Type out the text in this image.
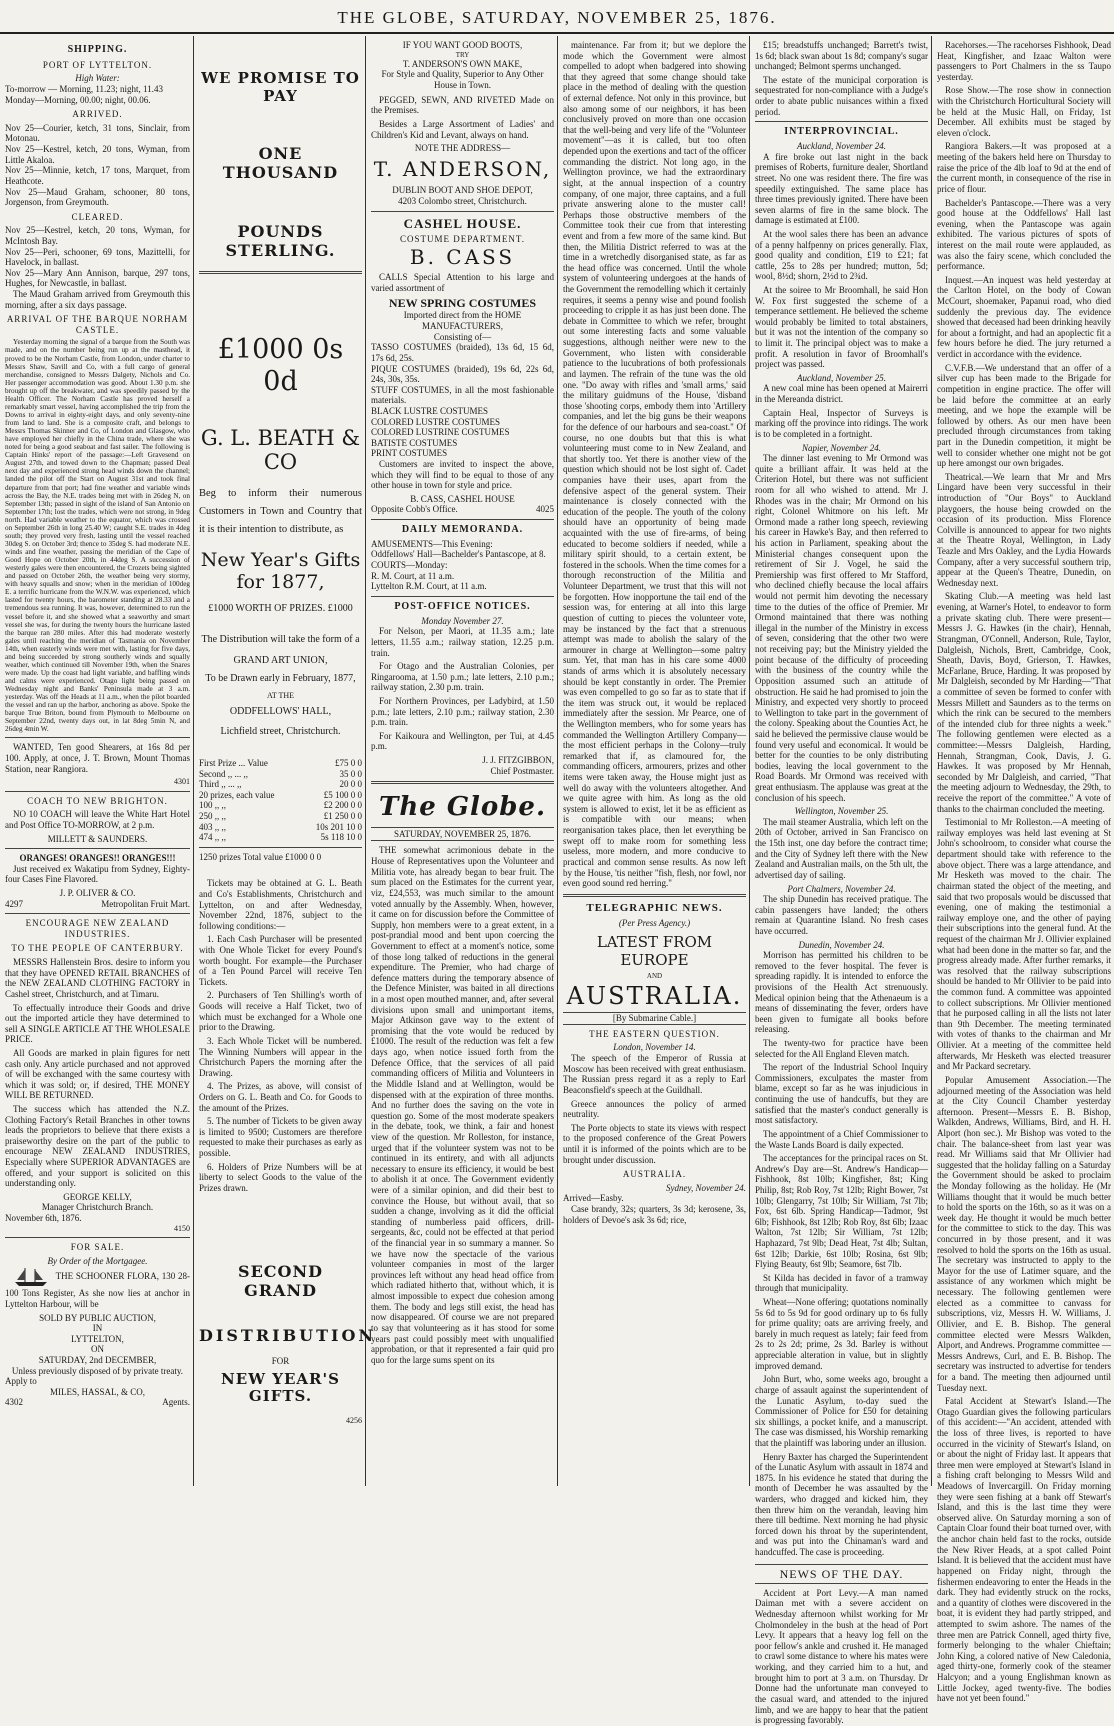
THE GLOBE, SATURDAY, NOVEMBER 25, 1876.
SHIPPING.
PORT OF LYTTELTON.
High Water:
To-morrow — Morning, 11.23; night, 11.43
Monday—Morning, 00.00; night, 00.06.
ARRIVED.
Nov 25—Courier, ketch, 31 tons, Sinclair, from Motonau.
Nov 25—Kestrel, ketch, 20 tons, Wyman, from Little Akaloa.
Nov 25—Minnie, ketch, 17 tons, Marquet, from Heathcote.
Nov 25—Maud Graham, schooner, 80 tons, Jorgenson, from Greymouth.
CLEARED.
Nov 25—Kestrel, ketch, 20 tons, Wyman, for McIntosh Bay.
Nov 25—Peri, schooner, 69 tons, Mazittelli, for Havelock, in ballast.
Nov 25—Mary Ann Annison, barque, 297 tons, Hughes, for Newcastle, in ballast.
The Maud Graham arrived from Greymouth this morning, after a six days passage.
ARRIVAL OF THE BARQUE NORHAM CASTLE.
Yesterday morning the signal of a barque from the South was made, and on the number being run up at the masthead, it proved to be the Norham Castle, from London, under charter to Messrs Shaw, Savill and Co, with a full cargo of general merchandise, consigned to Messrs Dalgety, Nichols and Co. Her passenger accommodation was good. About 1.30 p.m. she brought up off the breakwater, and was speedily passed by the Health Officer. The Norham Castle has proved herself a remarkably smart vessel, having accomplished the trip from the Downs to arrival in eighty-eight days, and only seventy-nine from land to land. She is a composite craft, and belongs to Messrs Thomas Skinner and Co, of London and Glasgow, who have employed her chiefly in the China trade, where she was noted for being a good seaboat and fast sailer. The following is Captain Hinks' report of the passage:—Left Gravesend on August 27th, and towed down to the Chapman; passed Deal next day and experienced strong head winds down the channel; landed the pilot off the Start on August 31st and took final departure from that port; had fine weather and variable winds across the Bay, the N.E. trades being met with in 26deg N, on September 13th; passed in sight of the island of San Antonio on September 17th; lost the trades, which were not strong, in 9deg north. Had variable weather to the equator, which was crossed on September 26th in long 25.40 W; caught S.E. trades in 4deg south; they proved very fresh, lasting until the vessel reached 30deg S. on October 3rd; thence to 35deg S. had moderate N.E. winds and fine weather, passing the meridian of the Cape of Good Hope on October 20th, in 44deg S. A succession of westerly gales were then encountered, the Crozets being sighted and passed on October 26th, the weather being very stormy, with heavy squalls and snow; when in the meridian of 100deg E. a terrific hurricane from the W.N.W. was experienced, which lasted for twenty hours, the barometer standing at 28.33 and a tremendous sea running. It was, however, determined to run the vessel before it, and she showed what a seaworthy and smart vessel she was, for during the twenty hours the hurricane lasted the barque ran 280 miles. After this had moderate westerly gales until reaching the meridian of Tasmania on November 14th, when easterly winds were met with, lasting for five days, and being succeeded by strong southerly winds and squally weather, which continued till November 19th, when the Snares were made. Up the coast had light variable, and baffling winds and calms were experienced. Otago light being passed on Wednesday night and Banks' Peninsula made at 3 a.m. yesterday. Was off the Heads at 11 a.m., when the pilot boarded the vessel and ran up the harbor, anchoring as above. Spoke the barque True Briton, bound from Plymouth to Melbourne on September 22nd, twenty days out, in lat 8deg 5min N, and 26deg 4min W.
WANTED, Ten good Shearers, at 16s 8d per 100. Apply, at once, J. T. Brown, Mount Thomas Station, near Rangiora.
4301
COACH TO NEW BRIGHTON.
NO 10 COACH will leave the White Hart Hotel and Post Office TO-MORROW, at 2 p.m.
MILLETT & SAUNDERS.
ORANGES! ORANGES!! ORANGES!!!
Just received ex Wakatipu from Sydney, Eighty-four Cases Fine Flavored.
J. P. OLIVER & CO.
4297	Metropolitan Fruit Mart.
ENCOURAGE NEW ZEALAND INDUSTRIES.
TO THE PEOPLE OF CANTERBURY.
MESSRS Hallenstein Bros. desire to inform you that they have OPENED RETAIL BRANCHES of the NEW ZEALAND CLOTHING FACTORY in Cashel street, Christchurch, and at Timaru.
To effectually introduce their Goods and drive out the imported article they have determined to sell A SINGLE ARTICLE AT THE WHOLESALE PRICE.
All Goods are marked in plain figures for nett cash only. Any article purchased and not approved of will be exchanged with the same courtesy with which it was sold; or, if desired, THE MONEY WILL BE RETURNED.
The success which has attended the N.Z. Clothing Factory's Retail Branches in other towns leads the proprietors to believe that there exists a praiseworthy desire on the part of the public to encourage NEW ZEALAND INDUSTRIES, Especially where SUPERIOR ADVANTAGES are offered, and your support is solicited on this understanding only.
GEORGE KELLY,
Manager Christchurch Branch.
November 6th, 1876.
4150
FOR SALE.
By Order of the Mortgagee.
THE SCHOONER FLORA, 130 28-100 Tons Register, As she now lies at anchor in Lyttelton Harbour, will be
SOLD BY PUBLIC AUCTION,
IN
LYTTELTON,
ON
SATURDAY, 2nd DECEMBER,
Unless previously disposed of by private treaty.
Apply to
MILES, HASSAL, & CO,
4302	Agents.
WE PROMISE TO PAY
ONE THOUSAND
POUNDS STERLING.
£1000 0s 0d
G. L. BEATH & CO
Beg to inform their numerous Customers in Town and Country that it is their intention to distribute, as
New Year's Gifts for 1877,
£1000 WORTH OF PRIZES. £1000
The Distribution will take the form of a
GRAND ART UNION,
To be Drawn early in February, 1877,
AT THE
ODDFELLOWS' HALL,
Lichfield street, Christchurch.
First Prize ... Value	£75 0 0
Second ,, ... ,,	35 0 0
Third ,, ... ,,	20 0 0
20 prizes, each value	£5 100 0 0
100 ,, ,,	£2 200 0 0
250 ,, ,,	£1 250 0 0
403 ,, ,,	10s 201 10 0
474 ,, ,,	5s 118 10 0
1250 prizes Total value £1000 0 0
Tickets may be obtained at G. L. Beath and Co's Establishments, Christchurch and Lyttelton, on and after Wednesday, November 22nd, 1876, subject to the following conditions:—
1. Each Cash Purchaser will be presented with One Whole Ticket for every Pound's worth bought. For example—the Purchaser of a Ten Pound Parcel will receive Ten Tickets.
2. Purchasers of Ten Shilling's worth of Goods will receive a Half Ticket, two of which must be exchanged for a Whole one prior to the Drawing.
3. Each Whole Ticket will be numbered. The Winning Numbers will appear in the Christchurch Papers the morning after the Drawing.
4. The Prizes, as above, will consist of Orders on G. L. Beath and Co. for Goods to the amount of the Prizes.
5. The number of Tickets to be given away is limited to 9500; Customers are therefore requested to make their purchases as early as possible.
6. Holders of Prize Numbers will be at liberty to select Goods to the value of the Prizes drawn.
SECOND GRAND
DISTRIBUTION
FOR
NEW YEAR'S GIFTS.
4256
IF YOU WANT GOOD BOOTS,
TRY
T. ANDERSON'S OWN MAKE,
For Style and Quality, Superior to Any Other House in Town.
PEGGED, SEWN, AND RIVETED Made on the Premises.
Besides a Large Assortment of Ladies' and Children's Kid and Levant, always on hand.
NOTE THE ADDRESS—
T. ANDERSON,
DUBLIN BOOT AND SHOE DEPOT,
4203 Colombo street, Christchurch.
CASHEL HOUSE.
COSTUME DEPARTMENT.
B. CASS
CALLS Special Attention to his large and varied assortment of
NEW SPRING COSTUMES
Imported direct from the HOME MANUFACTURERS,
Consisting of—
TASSO COSTUMES (braided), 13s 6d, 15 6d, 17s 6d, 25s.
PIQUE COSTUMES (braided), 19s 6d, 22s 6d, 24s, 30s, 35s.
STUFF COSTUMES, in all the most fashionable materials.
BLACK LUSTRE COSTUMES
COLORED LUSTRE COSTUMES
COLORED LUSTRINE COSTUMES
BATISTE COSTUMES
PRINT COSTUMES
Customers are invited to inspect the above, which they will find to be equal to those of any other house in town for style and price.
B. CASS, CASHEL HOUSE
Opposite Cobb's Office.	4025
DAILY MEMORANDA.
AMUSEMENTS—This Evening:
Oddfellows' Hall—Bachelder's Pantascope, at 8.
COURTS—Monday:
R. M. Court, at 11 a.m.
Lyttelton R.M. Court, at 11 a.m.
POST-OFFICE NOTICES.
Monday November 27.
For Nelson, per Maori, at 11.35 a.m.; late letters, 11.55 a.m.; railway station, 12.25 p.m. train.
For Otago and the Australian Colonies, per Ringarooma, at 1.50 p.m.; late letters, 2.10 p.m.; railway station, 2.30 p.m. train.
For Northern Provinces, per Ladybird, at 1.50 p.m.; late letters, 2.10 p.m.; railway station, 2.30 p.m. train.
For Kaikoura and Wellington, per Tui, at 4.45 p.m.
J. J. FITZGIBBON,
Chief Postmaster.
The Globe.
SATURDAY, NOVEMBER 25, 1876.
THE somewhat acrimonious debate in the House of Representatives upon the Volunteer and Militia vote, has already began to bear fruit. The sum placed on the Estimates for the current year, viz, £24,553, was much similar to the amount voted annually by the Assembly. When, however, it came on for discussion before the Committee of Supply, hon members were to a great extent, in a post-prandial mood and bent upon coercing the Government to effect at a moment's notice, some of those long talked of reductions in the general expenditure. The Premier, who had charge of defence matters during the temporary absence of the Defence Minister, was baited in all directions in a most open mouthed manner, and, after several divisions upon small and unimportant items, Major Atkinson gave way to the extent of promising that the vote would be reduced by £1000. The result of the reduction was felt a few days ago, when notice issued forth from the Defence Office, that the services of all paid commanding officers of Militia and Volunteers in the Middle Island and at Wellington, would be dispensed with at the expiration of three months. And no further does the saving on the vote in question go. Some of the most moderate speakers in the debate, took, we think, a fair and honest view of the question. Mr Rolleston, for instance, urged that if the volunteer system was not to be continued in its entirety, and with all adjuncts necessary to ensure its efficiency, it would be best to abolish it at once. The Government evidently were of a similar opinion, and did their best to convince the House, but without avail, that so sudden a change, involving as it did the official standing of numberless paid officers, drill-sergeants, &c, could not be effected at that period of the financial year in so summary a manner. So we have now the spectacle of the various volunteer companies in most of the larger provinces left without any head head office from which radiated hitherto that, without which, it is almost impossible to expect due cohesion among them. The body and legs still exist, the head has now disappeared. Of course we are not prepared to say that volunteering as it has stood for some years past could possibly meet with unqualified approbation, or that it represented a fair quid pro quo for the large sums spent on its
maintenance. Far from it; but we deplore the mode which the Government were almost compelled to adopt when badgered into showing that they agreed that some change should take place in the method of dealing with the question of external defence. Not only in this province, but also among some of our neighbors, it has been conclusively proved on more than one occasion that the well-being and very life of the "Volunteer movement"—as it is called, but too often depended upon the exertions and tact of the officer commanding the district. Not long ago, in the Wellington province, we had the extraordinary sight, at the annual inspection of a country company, of one major, three captains, and a full private answering alone to the muster call! Perhaps those obstructive members of the Committee took their cue from that interesting event and from a few more of the same kind. But then, the Militia District referred to was at the time in a wretchedly disorganised state, as far as the head office was concerned. Until the whole system of volunteering undergoes at the hands of the Government the remodelling which it certainly requires, it seems a penny wise and pound foolish proceeding to cripple it as has just been done. The debate in Committee to which we refer, brought out some interesting facts and some valuable suggestions, although neither were new to the Government, who listen with considerable patience to the lucubrations of both professionals and laymen. The refrain of the tune was the old one. "Do away with rifles and 'small arms,' said the military guidmuns of the House, 'disband those 'shooting corps, embody them into 'Artillery companies, and let the big guns be their weapons for the defence of our harbours and sea-coast." Of course, no one doubts but that this is what volunteering must come to in New Zealand, and that shortly too. Yet there is another view of the question which should not be lost sight of. Cadet companies have their uses, apart from the defensive aspect of the general system. Their maintenance is closely connected with the education of the people. The youth of the colony should have an opportunity of being made acquainted with the use of fire-arms, of being educated to become soldiers if needed, while a military spirit should, to a certain extent, be fostered in the schools. When the time comes for a thorough reconstruction of the Militia and Volunteer Department, we trust that this will not be forgotten. How inopportune the tail end of the session was, for entering at all into this large question of cutting to pieces the volunteer vote, may be instanced by the fact that a strenuous attempt was made to abolish the salary of the armourer in charge at Wellington—some paltry sum. Yet, that man has in his care some 4000 stands of arms which it is absolutely necessary should be kept constantly in order. The Premier was even compelled to go so far as to state that if the item was struck out, it would be replaced immediately after the session. Mr Pearce, one of the Wellington members, who for some years has commanded the Wellington Artillery Company—the most efficient perhaps in the Colony—truly remarked that if, as clamoured for, the commanding officers, armourers, prizes and other items were taken away, the House might just as well do away with the volunteers altogether. And we quite agree with him. As long as the old system is allowed to exist, let it be as efficient as is compatible with our means; when reorganisation takes place, then let everything be swept off to make room for something less useless, more modern, and more conducive to practical and common sense results. As now left by the House, 'tis neither "fish, flesh, nor fowl, nor even good sound red herring."
TELEGRAPHIC NEWS.
(Per Press Agency.)
LATEST FROM EUROPE
AND
AUSTRALIA.
[By Submarine Cable.]
THE EASTERN QUESTION.
London, November 14.
The speech of the Emperor of Russia at Moscow has been received with great enthusiasm. The Russian press regard it as a reply to Earl Beaconsfield's speech at the Guildhall.
Greece announces the policy of armed neutrality.
The Porte objects to state its views with respect to the proposed conference of the Great Powers until it is informed of the points which are to be brought under discussion.
AUSTRALIA.
Sydney, November 24.
Arrived—Easby.
Case brandy, 32s; quarters, 3s 3d; kerosene, 3s, holders of Devoe's ask 3s 6d; rice,
£15; breadstuffs unchanged; Barrett's twist, 1s 6d; black swan about 1s 8d; company's sugar unchanged; Belmont sperms unchanged.
The estate of the municipal corporation is sequestrated for non-compliance with a Judge's order to abate public nuisances within a fixed period.
INTERPROVINCIAL.
Auckland, November 24.
A fire broke out last night in the back premises of Roberts, furniture dealer, Shortland street. No one was resident there. The fire was speedily extinguished. The same place has three times previously ignited. There have been seven alarms of fire in the same block. The damage is estimated at £100.
At the wool sales there has been an advance of a penny halfpenny on prices generally. Flax, good quality and condition, £19 to £21; fat cattle, 25s to 28s per hundred; mutton, 5d; wool, 8½d; shorn, 2½d to 2¾d.
At the soiree to Mr Broomhall, he said Hon W. Fox first suggested the scheme of a temperance settlement. He believed the scheme would probably be limited to total abstainers, but it was not the intention of the company so to limit it. The principal object was to make a profit. A resolution in favor of Broomhall's project was passed.
Auckland, November 25.
A new coal mine has been opened at Mairerri in the Mereanda district.
Captain Heal, Inspector of Surveys is marking off the province into ridings. The work is to be completed in a fortnight.
Napier, November 24.
The dinner last evening to Mr Ormond was quite a brilliant affair. It was held at the Criterion Hotel, but there was not sufficient room for all who wished to attend. Mr J. Rhodes was in the chair; Mr Ormond on his right, Colonel Whitmore on his left. Mr Ormond made a rather long speech, reviewing his career in Hawke's Bay, and then referred to his action in Parliament, speaking about the Ministerial changes consequent upon the retirement of Sir J. Vogel, he said the Premiership was first offered to Mr Stafford, who declined chiefly because the local affairs would not permit him devoting the necessary time to the duties of the office of Premier. Mr Ormond maintained that there was nothing illegal in the number of the Ministry in excess of seven, considering that the other two were not receiving pay; but the Ministry yielded the point because of the difficulty of proceeding with the business of the country while the Opposition assumed such an attitude of obstruction. He said he had promised to join the Ministry, and expected very shortly to proceed to Wellington to take part in the government of the colony. Speaking about the Counties Act, he said he believed the permissive clause would be found very useful and economical. It would be better for the counties to be only distributing bodies, leaving the local government to the Road Boards. Mr Ormond was received with great enthusiasm. The applause was great at the conclusion of his speech.
Wellington, November 25.
The mail steamer Australia, which left on the 20th of October, arrived in San Francisco on the 15th inst, one day before the contract time; and the City of Sydney left there with the New Zealand and Australian mails, on the 5th ult, the advertised day of sailing.
Port Chalmers, November 24.
The ship Dunedin has received pratique. The cabin passengers have landed; the others remain at Quarantine Island. No fresh cases have occurred.
Dunedin, November 24.
Morrison has permitted his children to be removed to the fever hospital. The fever is spreading rapidly. It is intended to enforce the provisions of the Health Act strenuously. Medical opinion being that the Athenaeum is a means of disseminating the fever, orders have been given to fumigate all books before releasing.
The twenty-two for practice have been selected for the All England Eleven match.
The report of the Industrial School Inquiry Commissioners, exculpates the master from blame, except so far as he was injudicious in continuing the use of handcuffs, but they are satisfied that the master's conduct generally is most satisfactory.
The appointment of a Chief Commissioner to the Waste Lands Board is daily expected.
The acceptances for the principal races on St. Andrew's Day are—St. Andrew's Handicap—Fishhook, 8st 10lb; Kingfisher, 8st; King Philip, 8st; Rob Roy, 7st 12lb; Right Bower, 7st 10lb; Glengarry, 7st 10lb; Sir William, 7st 7lb; Fox, 6st 6lb. Spring Handicap—Tadmor, 9st 6lb; Fishhook, 8st 12lb; Rob Roy, 8st 6lb; Izaac Walton, 7st 12lb; Sir William, 7st 12lb; Haphazard, 7st 9lb; Dead Heat, 7st 4lb; Sultan, 6st 12lb; Darkie, 6st 10lb; Rosina, 6st 9lb; Flying Beauty, 6st 9lb; Seamore, 6st 7lb.
St Kilda has decided in favor of a tramway through that municipality.
Wheat—None offering; quotations nominally 5s 6d to 5s 9d for good ordinary up to 6s fully for prime quality; oats are arriving freely, and barely in much request as lately; fair feed from 2s to 2s 2d; prime, 2s 3d. Barley is without appreciable alteration in value, but in slightly improved demand.
John Burt, who, some weeks ago, brought a charge of assault against the superintendent of the Lunatic Asylum, to-day sued the Commissioner of Police for £50 for detaining six shillings, a pocket knife, and a manuscript. The case was dismissed, his Worship remarking that the plaintiff was laboring under an illusion.
Henry Baxter has charged the Superintendent of the Lunatic Asylum with assault in 1874 and 1875. In his evidence he stated that during the month of December he was assaulted by the warders, who dragged and kicked him, they then threw him on the verandah, leaving him there till bedtime. Next morning he had physic forced down his throat by the superintendent, and was put into the Chinaman's ward and handcuffed. The case is proceeding.
NEWS OF THE DAY.
Accident at Port Levy.—A man named Daiman met with a severe accident on Wednesday afternoon whilst working for Mr Cholmondeley in the bush at the head of Port Levy. It appears that a heavy log fell on the poor fellow's ankle and crushed it. He managed to crawl some distance to where his mates were working, and they carried him to a hut, and brought him to port at 3 a.m. on Thursday. Dr Donne had the unfortunate man conveyed to the casual ward, and attended to the injured limb, and we are happy to hear that the patient is progressing favorably.
Racehorses.—The racehorses Fishhook, Dead Heat, Kingfisher, and Izaac Walton were passengers to Port Chalmers in the ss Taupo yesterday.
Rose Show.—The rose show in connection with the Christchurch Horticultural Society will be held at the Music Hall, on Friday, 1st December. All exhibits must be staged by eleven o'clock.
Rangiora Bakers.—It was proposed at a meeting of the bakers held here on Thursday to raise the price of the 4lb loaf to 9d at the end of the current month, in consequence of the rise in price of flour.
Bachelder's Pantascope.—There was a very good house at the Oddfellows' Hall last evening, when the Pantascope was again exhibited. The various pictures of spots of interest on the mail route were applauded, as was also the fairy scene, which concluded the performance.
Inquest.—An inquest was held yesterday at the Carlton Hotel, on the body of Cowan McCourt, shoemaker, Papanui road, who died suddenly the previous day. The evidence showed that deceased had been drinking heavily for about a fortnight, and had an apoplectic fit a few hours before he died. The jury returned a verdict in accordance with the evidence.
C.V.F.B.—We understand that an offer of a silver cup has been made to the Brigade for competition in engine practice. The offer will be laid before the committee at an early meeting, and we hope the example will be followed by others. As our men have been precluded through circumstances from taking part in the Dunedin competition, it might be well to consider whether one might not be got up here amongst our own brigades.
Theatrical.—We learn that Mr and Mrs Lingard have been very successful in their introduction of "Our Boys" to Auckland playgoers, the house being crowded on the occasion of its production. Miss Florence Colville is announced to appear for two nights at the Theatre Royal, Wellington, in Lady Teazle and Mrs Oakley, and the Lydia Howards Company, after a very successful southern trip, appear at the Queen's Theatre, Dunedin, on Wednesday next.
Skating Club.—A meeting was held last evening, at Warner's Hotel, to endeavor to form a private skating club. There were present—Messrs J. G. Hawkes (in the chair), Hennah, Strangman, O'Connell, Anderson, Rule, Taylor, Dalgleish, Nichols, Brett, Cambridge, Cook, Sheath, Davis, Boyd, Grierson, T. Hawkes, McFarlane, Bruce, Harding. It was proposed by Mr Dalgleish, seconded by Mr Harding—"That a committee of seven be formed to confer with Messrs Millett and Saunders as to the terms on which the rink can be secured to the members of the intended club for three nights a week." The following gentlemen were elected as a committee:—Messrs Dalgleish, Harding, Hennah, Strangman, Cook, Davis, J. G. Hawkes. It was proposed by Mr Hennah, seconded by Mr Dalgleish, and carried, "That the meeting adjourn to Wednesday, the 29th, to receive the report of the committee." A vote of thanks to the chairman concluded the meeting.
Testimonial to Mr Rolleston.—A meeting of railway employes was held last evening at St John's schoolroom, to consider what course the department should take with reference to the above object. There was a large attendance, and Mr Hesketh was moved to the chair. The chairman stated the object of the meeting, and said that two proposals would be discussed that evening, one of making the testimonial a railway employe one, and the other of paying their subscriptions into the general fund. At the request of the chairman Mr J. Ollivier explained what had been done in the matter so far, and the progress already made. After further remarks, it was resolved that the railway subscriptions should be handed to Mr Ollivier to be paid into the common fund. A committee was appointed to collect subscriptions. Mr Ollivier mentioned that he purposed calling in all the lists not later than 9th December. The meeting terminated with votes of thanks to the chairman and Mr Ollivier. At a meeting of the committee held afterwards, Mr Hesketh was elected treasurer and Mr Packard secretary.
Popular Amusement Association.—The adjourned meeting of the Association was held at the City Council Chamber yesterday afternoon. Present—Messrs E. B. Bishop, Walkden, Andrews, Williams, Bird, and H. H. Alport (hon sec.). Mr Bishop was voted to the chair. The balance-sheet from last year was read. Mr Williams said that Mr Ollivier had suggested that the holiday falling on a Saturday the Government should be asked to proclaim the Monday following as the holiday. He (Mr Williams thought that it would be much better to hold the sports on the 16th, so as it was on a week day. He thought it would be much better for the committee to stick to the day. This was concurred in by those present, and it was resolved to hold the sports on the 16th as usual. The secretary was instructed to apply to the Mayor for the use of Latimer square, and the assistance of any workmen which might be necessary. The following gentlemen were elected as a committee to canvass for subscriptions, viz, Messrs H. W. Williams, J. Ollivier, and E. B. Bishop. The general committee elected were Messrs Walkden, Alport, and Andrews. Programme committee — Messrs Andrews, Curl, and E. B. Bishop. The secretary was instructed to advertise for tenders for a band. The meeting then adjourned until Tuesday next.
Fatal Accident at Stewart's Island.—The Otago Guardian gives the following particulars of this accident:—"An accident, attended with the loss of three lives, is reported to have occurred in the vicinity of Stewart's Island, on or about the night of Friday last. It appears that three men were employed at Stewart's Island in a fishing craft belonging to Messrs Wild and Meadows of Invercargill. On Friday morning they were seen fishing at a bank off Stewart's Island, and this is the last time they were observed alive. On Saturday morning a son of Captain Cloar found their boat turned over, with the anchor chain held fast to the rocks, outside the New River Heads, at a spot called Point Island. It is believed that the accident must have happened on Friday night, through the fishermen endeavoring to enter the Heads in the dark. They had evidently struck on the rocks, and a quantity of clothes were discovered in the boat, it is evident they had partly stripped, and attempted to swim ashore. The names of the three men are Patrick Connell, aged thirty five, formerly belonging to the whaler Chieftain; John King, a colored native of New Caledonia, aged thirty-one, formerly cook of the steamer Halcyon; and a young Englishman known as Little Jockey, aged twenty-five. The bodies have not yet been found."
